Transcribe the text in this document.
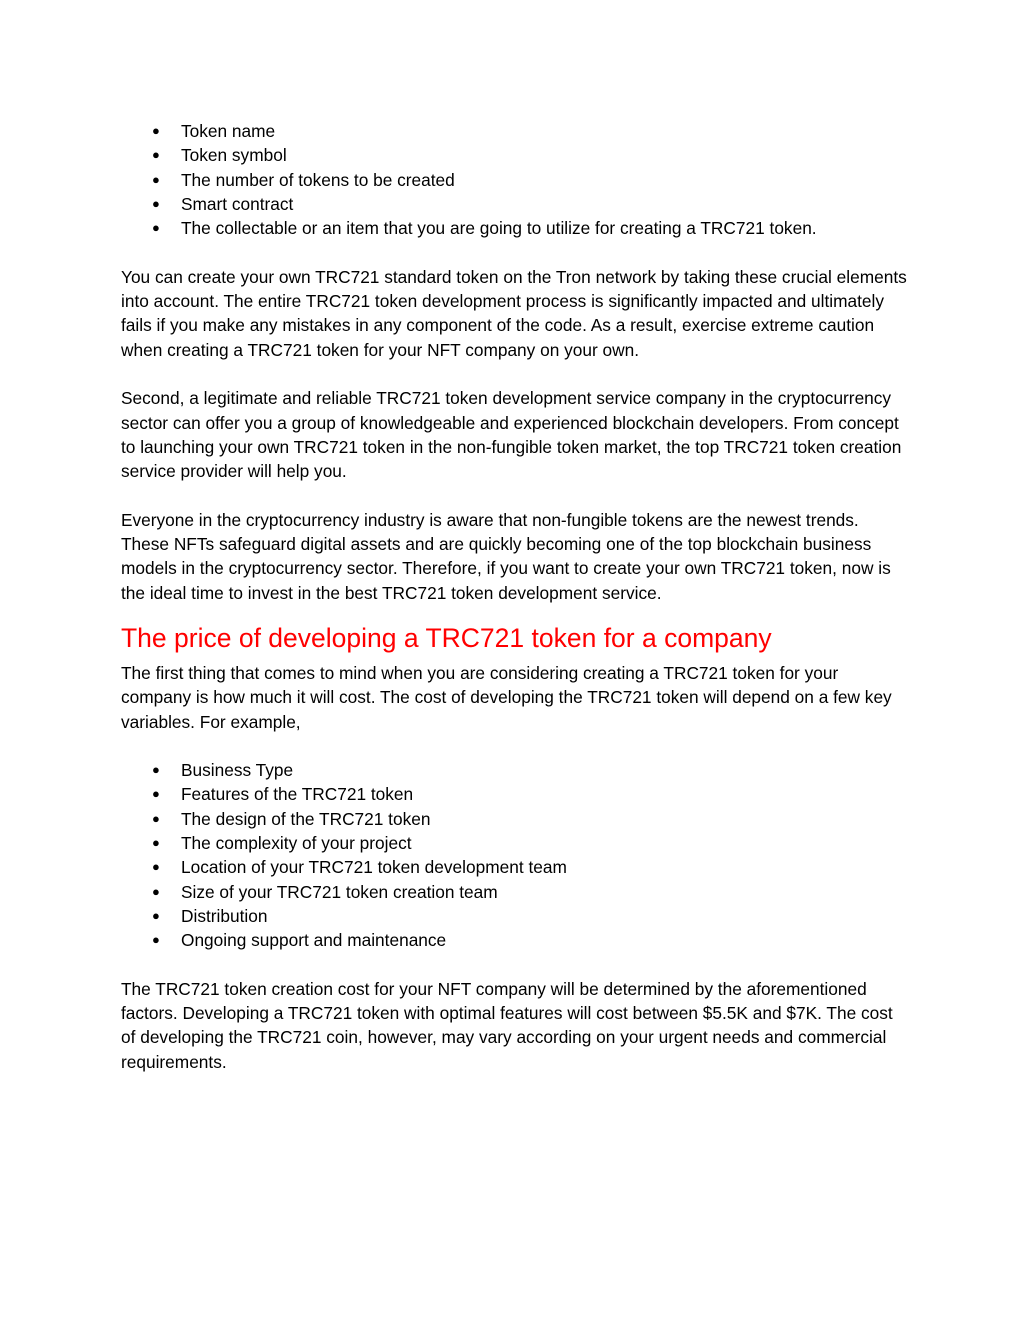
● Token name
● Token symbol
● The number of tokens to be created
● Smart contract
● The collectable or an item that you are going to utilize for creating a TRC721 token.

You can create your own TRC721 standard token on the Tron network by taking these crucial elements into account. The entire TRC721 token development process is significantly impacted and ultimately fails if you make any mistakes in any component of the code. As a result, exercise extreme caution when creating a TRC721 token for your NFT company on your own.

Second, a legitimate and reliable TRC721 token development service company in the cryptocurrency sector can offer you a group of knowledgeable and experienced blockchain developers. From concept to launching your own TRC721 token in the non-fungible token market, the top TRC721 token creation service provider will help you.

Everyone in the cryptocurrency industry is aware that non-fungible tokens are the newest trends. These NFTs safeguard digital assets and are quickly becoming one of the top blockchain business models in the cryptocurrency sector. Therefore, if you want to create your own TRC721 token, now is the ideal time to invest in the best TRC721 token development service.

The price of developing a TRC721 token for a company

The first thing that comes to mind when you are considering creating a TRC721 token for your company is how much it will cost. The cost of developing the TRC721 token will depend on a few key variables. For example,

● Business Type
● Features of the TRC721 token
● The design of the TRC721 token
● The complexity of your project
● Location of your TRC721 token development team
● Size of your TRC721 token creation team
● Distribution
● Ongoing support and maintenance

The TRC721 token creation cost for your NFT company will be determined by the aforementioned factors. Developing a TRC721 token with optimal features will cost between $5.5K and $7K. The cost of developing the TRC721 coin, however, may vary according on your urgent needs and commercial requirements.
